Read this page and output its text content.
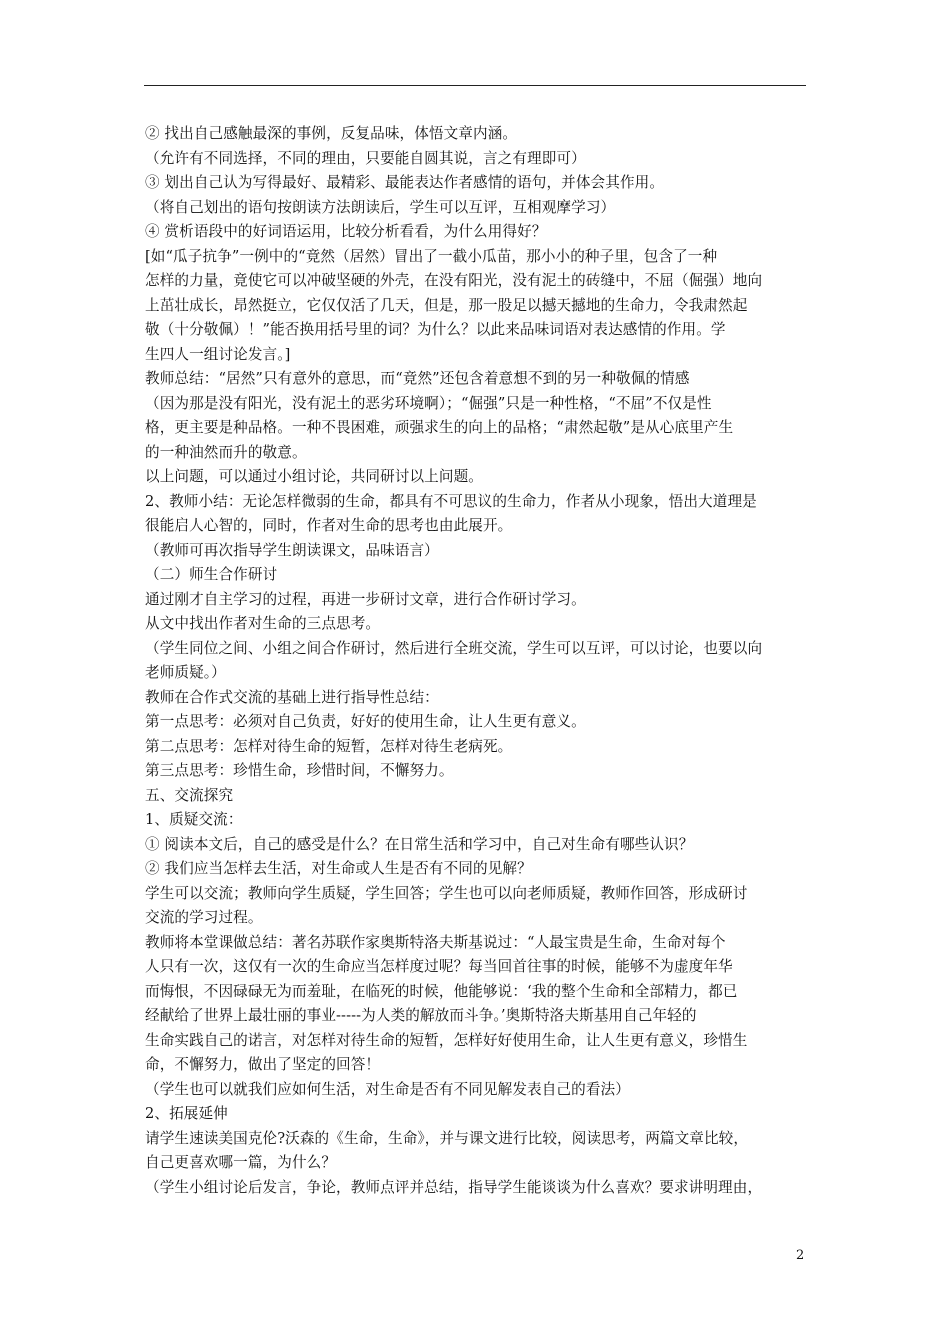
② 找出自己感触最深的事例，反复品味，体悟文章内涵。
（允许有不同选择，不同的理由，只要能自圆其说，言之有理即可）
③ 划出自己认为写得最好、最精彩、最能表达作者感情的语句，并体会其作用。
（将自己划出的语句按朗读方法朗读后，学生可以互评，互相观摩学习）
④ 赏析语段中的好词语运用，比较分析看看，为什么用得好？
[如“瓜子抗争”一例中的“竟然（居然）冒出了一截小瓜苗，那小小的种子里，包含了一种
怎样的力量，竟使它可以冲破坚硬的外壳，在没有阳光，没有泥土的砖缝中，不屈（倔强）地向
上茁壮成长，昂然挺立，它仅仅活了几天，但是，那一股足以撼天撼地的生命力，令我肃然起
敬（十分敬佩）！”能否换用括号里的词？为什么？以此来品味词语对表达感情的作用。学
生四人一组讨论发言。]
教师总结：“居然”只有意外的意思，而“竟然”还包含着意想不到的另一种敬佩的情感
（因为那是没有阳光，没有泥土的恶劣环境啊）；“倔强”只是一种性格，“不屈”不仅是性
格，更主要是种品格。一种不畏困难，顽强求生的向上的品格；“肃然起敬”是从心底里产生
的一种油然而升的敬意。
以上问题，可以通过小组讨论，共同研讨以上问题。
2、教师小结：无论怎样微弱的生命，都具有不可思议的生命力，作者从小现象，悟出大道理是
很能启人心智的，同时，作者对生命的思考也由此展开。
（教师可再次指导学生朗读课文，品味语言）
（二）师生合作研讨
通过刚才自主学习的过程，再进一步研讨文章，进行合作研讨学习。
从文中找出作者对生命的三点思考。
（学生同位之间、小组之间合作研讨，然后进行全班交流，学生可以互评，可以讨论，也要以向
老师质疑。）
教师在合作式交流的基础上进行指导性总结：
第一点思考：必须对自己负责，好好的使用生命，让人生更有意义。
第二点思考：怎样对待生命的短暂，怎样对待生老病死。
第三点思考：珍惜生命，珍惜时间，不懈努力。
五、交流探究
1、质疑交流：
① 阅读本文后，自己的感受是什么？在日常生活和学习中，自己对生命有哪些认识？
② 我们应当怎样去生活，对生命或人生是否有不同的见解？
学生可以交流；教师向学生质疑，学生回答；学生也可以向老师质疑，教师作回答，形成研讨
交流的学习过程。
教师将本堂课做总结：著名苏联作家奥斯特洛夫斯基说过：“人最宝贵是生命，生命对每个
人只有一次，这仅有一次的生命应当怎样度过呢？每当回首往事的时候，能够不为虚度年华
而悔恨，不因碌碌无为而羞耻，在临死的时候，他能够说：‘我的整个生命和全部精力，都已
经献给了世界上最壮丽的事业-----为人类的解放而斗争。’奥斯特洛夫斯基用自己年轻的
生命实践自己的诺言，对怎样对待生命的短暂，怎样好好使用生命，让人生更有意义，珍惜生
命，不懈努力，做出了坚定的回答！
（学生也可以就我们应如何生活，对生命是否有不同见解发表自己的看法）
2、拓展延伸
请学生速读美国克伦?沃森的《生命，生命》，并与课文进行比较，阅读思考，两篇文章比较，
自己更喜欢哪一篇，为什么？
（学生小组讨论后发言，争论，教师点评并总结，指导学生能谈谈为什么喜欢？要求讲明理由，
2
